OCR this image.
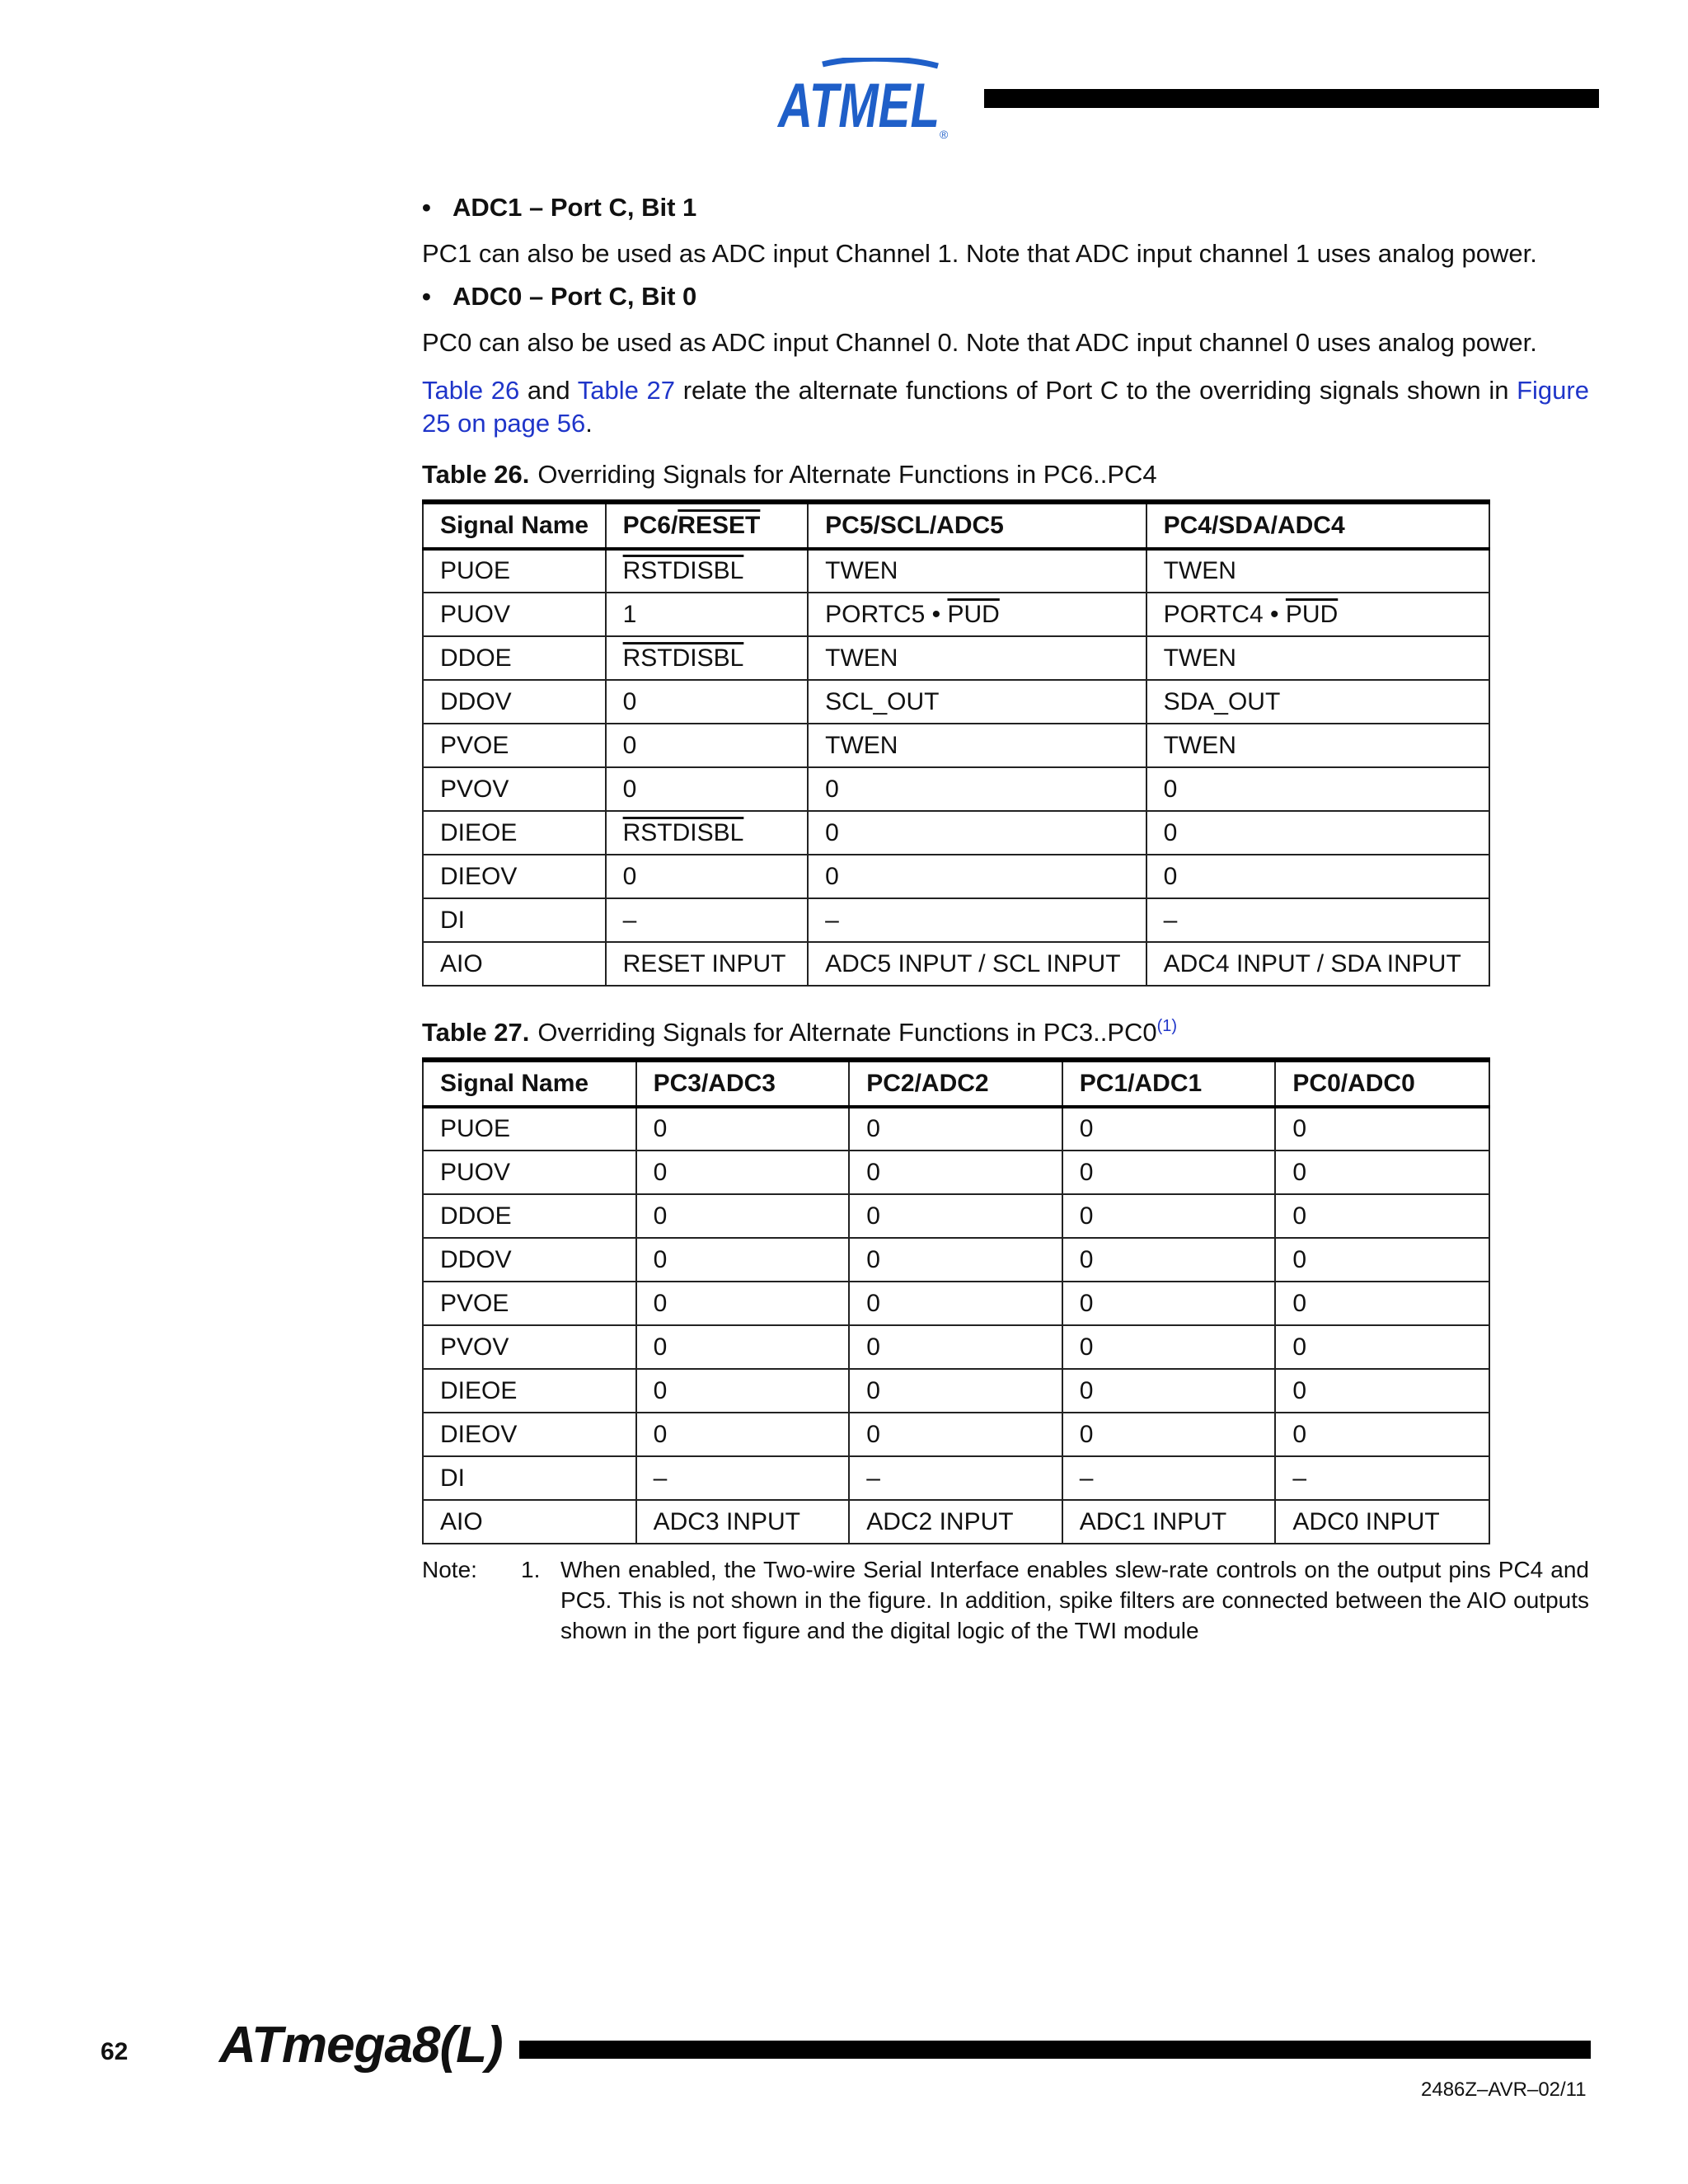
ATMEL ®
• ADC1 – Port C, Bit 1

PC1 can also be used as ADC input Channel 1. Note that ADC input channel 1 uses analog power.

• ADC0 – Port C, Bit 0

PC0 can also be used as ADC input Channel 0. Note that ADC input channel 0 uses analog power.

Table 26 and Table 27 relate the alternate functions of Port C to the overriding signals shown in Figure 25 on page 56.

Table 26. Overriding Signals for Alternate Functions in PC6..PC4
Signal Name	PC6/RESET	PC5/SCL/ADC5	PC4/SDA/ADC4
PUOE	RSTDISBL	TWEN	TWEN
PUOV	1	PORTC5 • $\overline{PUD}$	PORTC4 • $\overline{PUD}$
DDOE	RSTDISBL	TWEN	TWEN
DDOV	0	SCL_OUT	SDA_OUT
PVOE	0	TWEN	TWEN
PVOV	0	0	0
DIEOE	RSTDISBL	0	0
DIEOV	0	0	0
DI	–	–	–
AIO	RESET INPUT	ADC5 INPUT / SCL INPUT	ADC4 INPUT / SDA INPUT
Table 27. Overriding Signals for Alternate Functions in PC3..PC0$^{(1)}$
Signal Name	PC3/ADC3	PC2/ADC2	PC1/ADC1	PC0/ADC0
PUOE	0	0	0	0
PUOV	0	0	0	0
DDOE	0	0	0	0
DDOV	0	0	0	0
PVOE	0	0	0	0
PVOV	0	0	0	0
DIEOE	0	0	0	0
DIEOV	0	0	0	0
DI	–	–	–	–
AIO	ADC3 INPUT	ADC2 INPUT	ADC1 INPUT	ADC0 INPUT
Note: 1. When enabled, the Two-wire Serial Interface enables slew-rate controls on the output pins PC4 and PC5. This is not shown in the figure. In addition, spike filters are connected between the AIO outputs shown in the port figure and the digital logic of the TWI module
62 ATmega8(L)
2486Z–AVR–02/11
